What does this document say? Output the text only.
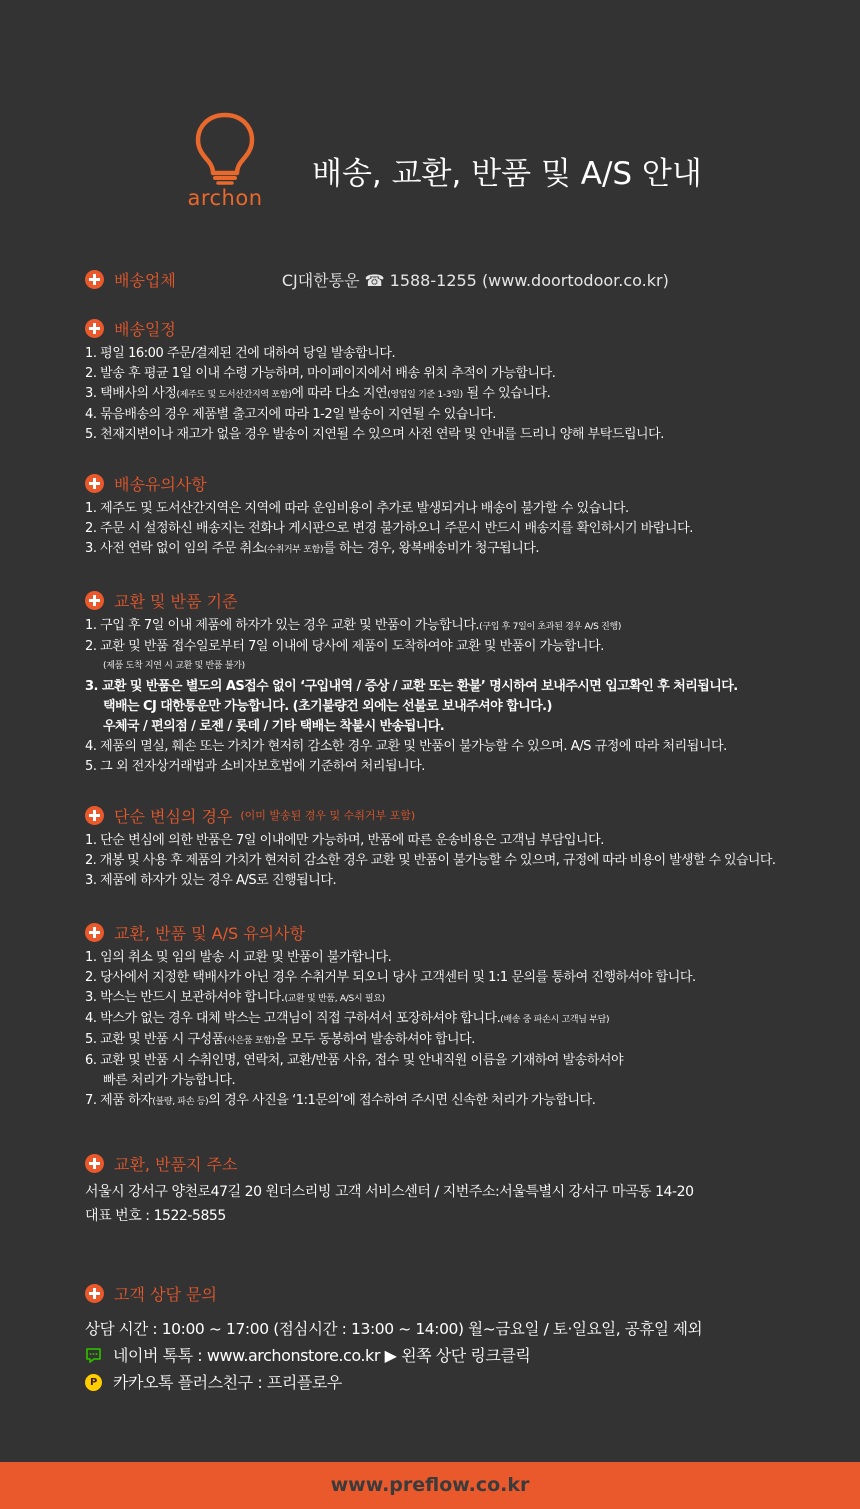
archon
배송, 교환, 반품 및 A/S 안내
배송업체	CJ대한통운 ☎ 1588-1255 (www.doortodoor.co.kr)
배송일정
1. 평일 16:00 주문/결제된 건에 대하여 당일 발송합니다.
2. 발송 후 평균 1일 이내 수령 가능하며, 마이페이지에서 배송 위치 추적이 가능합니다.
3. 택배사의 사정(제주도 및 도서산간지역 포함)에 따라 다소 지연(영업일 기준 1-3일) 될 수 있습니다.
4. 묶음배송의 경우 제품별 출고지에 따라 1-2일 발송이 지연될 수 있습니다.
5. 천재지변이나 재고가 없을 경우 발송이 지연될 수 있으며 사전 연락 및 안내를 드리니 양해 부탁드립니다.
배송유의사항
1. 제주도 및 도서산간지역은 지역에 따라 운임비용이 추가로 발생되거나 배송이 불가할 수 있습니다.
2. 주문 시 설정하신 배송지는 전화나 게시판으로 변경 불가하오니 주문시 반드시 배송지를 확인하시기 바랍니다.
3. 사전 연락 없이 임의 주문 취소(수취거부 포함)를 하는 경우, 왕복배송비가 청구됩니다.
교환 및 반품 기준
1. 구입 후 7일 이내 제품에 하자가 있는 경우 교환 및 반품이 가능합니다.(구입 후 7일이 초과된 경우 A/S 진행)
2. 교환 및 반품 접수일로부터 7일 이내에 당사에 제품이 도착하여야 교환 및 반품이 가능합니다.
(제품 도착 지연 시 교환 및 반품 불가)
3. 교환 및 반품은 별도의 AS접수 없이 ‘구입내역 / 증상 / 교환 또는 환불’ 명시하여 보내주시면 입고확인 후 처리됩니다.
택배는 CJ 대한통운만 가능합니다. (초기불량건 외에는 선불로 보내주셔야 합니다.)
우체국 / 편의점 / 로젠 / 롯데 / 기타 택배는 착불시 반송됩니다.
4. 제품의 멸실, 훼손 또는 가치가 현저히 감소한 경우 교환 및 반품이 불가능할 수 있으며. A/S 규정에 따라 처리됩니다.
5. 그 외 전자상거래법과 소비자보호법에 기준하여 처리됩니다.
단순 변심의 경우 (이미 발송된 경우 및 수취거부 포함)
1. 단순 변심에 의한 반품은 7일 이내에만 가능하며, 반품에 따른 운송비용은 고객님 부담입니다.
2. 개봉 및 사용 후 제품의 가치가 현저히 감소한 경우 교환 및 반품이 불가능할 수 있으며, 규정에 따라 비용이 발생할 수 있습니다.
3. 제품에 하자가 있는 경우 A/S로 진행됩니다.
교환, 반품 및 A/S 유의사항
1. 임의 취소 및 임의 발송 시 교환 및 반품이 불가합니다.
2. 당사에서 지정한 택배사가 아닌 경우 수취거부 되오니 당사 고객센터 및 1:1 문의를 통하여 진행하셔야 합니다.
3. 박스는 반드시 보관하셔야 합니다.(교환 및 반품, A/S시 필요)
4. 박스가 없는 경우 대체 박스는 고객님이 직접 구하셔서 포장하셔야 합니다.(배송 중 파손시 고객님 부담)
5. 교환 및 반품 시 구성품(사은품 포함)을 모두 동봉하여 발송하셔야 합니다.
6. 교환 및 반품 시 수취인명, 연락처, 교환/반품 사유, 접수 및 안내직원 이름을 기재하여 발송하셔야
빠른 처리가 가능합니다.
7. 제품 하자(불량, 파손 등)의 경우 사진을 ‘1:1문의’에 접수하여 주시면 신속한 처리가 가능합니다.
교환, 반품지 주소
서울시 강서구 양천로47길 20 원더스리빙 고객 서비스센터 / 지번주소:서울특별시 강서구 마곡동 14-20
대표 번호 : 1522-5855
고객 상담 문의
상담 시간 : 10:00 ~ 17:00 (점심시간 : 13:00 ~ 14:00) 월~금요일 / 토·일요일, 공휴일 제외
네이버 톡톡 : www.archonstore.co.kr ▶ 왼쪽 상단 링크클릭
P	카카오톡 플러스친구 : 프리플로우
www.preflow.co.kr
